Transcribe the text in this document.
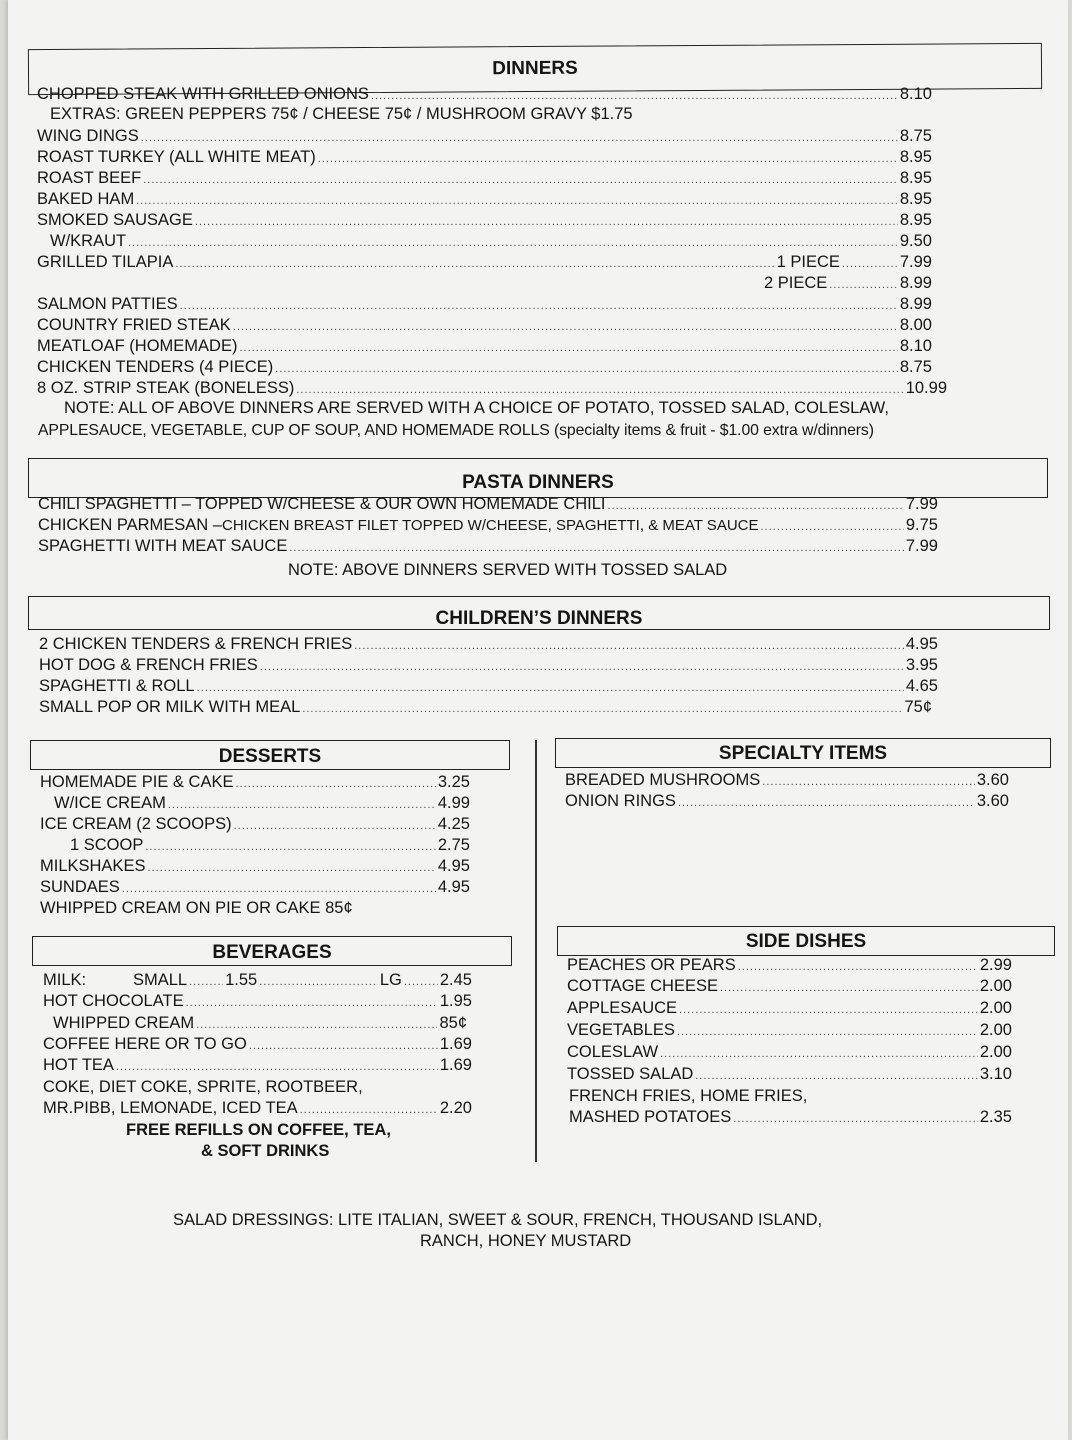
DINNERS
CHOPPED STEAK WITH GRILLED ONIONS .....	8.10
EXTRAS: GREEN PEPPERS 75¢ / CHEESE 75¢ / MUSHROOM GRAVY $1.75
WING DINGS .....	8.75
ROAST TURKEY (ALL WHITE MEAT) .....	8.95
ROAST BEEF .....	8.95
BAKED HAM .....	8.95
SMOKED SAUSAGE .....	8.95
W/KRAUT .....	9.50
GRILLED TILAPIA .....	1 PIECE .....	7.99
2 PIECE .....	8.99
SALMON PATTIES .....	8.99
COUNTRY FRIED STEAK .....	8.00
MEATLOAF (HOMEMADE) .....	8.10
CHICKEN TENDERS (4 PIECE) .....	8.75
8 OZ. STRIP STEAK (BONELESS) .....	10.99
NOTE: ALL OF ABOVE DINNERS ARE SERVED WITH A CHOICE OF POTATO, TOSSED SALAD, COLESLAW,
APPLESAUCE, VEGETABLE, CUP OF SOUP, AND HOMEMADE ROLLS (specialty items & fruit - $1.00 extra w/dinners)
PASTA DINNERS
CHILI SPAGHETTI – TOPPED W/CHEESE & OUR OWN HOMEMADE CHILI .....	7.99
CHICKEN PARMESAN – CHICKEN BREAST FILET TOPPED W/CHEESE, SPAGHETTI, & MEAT SAUCE .....	9.75
SPAGHETTI WITH MEAT SAUCE .....	7.99
NOTE: ABOVE DINNERS SERVED WITH TOSSED SALAD
CHILDREN’S DINNERS
2 CHICKEN TENDERS & FRENCH FRIES .....	4.95
HOT DOG & FRENCH FRIES .....	3.95
SPAGHETTI & ROLL .....	4.65
SMALL POP OR MILK WITH MEAL .....	75¢
DESSERTS
HOMEMADE PIE & CAKE .....	3.25
W/ICE CREAM .....	4.99
ICE CREAM (2 SCOOPS) .....	4.25
1 SCOOP .....	2.75
MILKSHAKES .....	4.95
SUNDAES .....	4.95
WHIPPED CREAM ON PIE OR CAKE 85¢
BEVERAGES
MILK:	SMALL ..... 1.55 .....	LG ..... 2.45
HOT CHOCOLATE .....	1.95
WHIPPED CREAM .....	85¢
COFFEE HERE OR TO GO .....	1.69
HOT TEA .....	1.69
COKE, DIET COKE, SPRITE, ROOTBEER,
MR.PIBB, LEMONADE, ICED TEA .....	2.20
FREE REFILLS ON COFFEE, TEA,
& SOFT DRINKS
SPECIALTY ITEMS
BREADED MUSHROOMS .....	3.60
ONION RINGS .....	3.60
SIDE DISHES
PEACHES OR PEARS .....	2.99
COTTAGE CHEESE .....	2.00
APPLESAUCE .....	2.00
VEGETABLES .....	2.00
COLESLAW .....	2.00
TOSSED SALAD .....	3.10
FRENCH FRIES, HOME FRIES,
MASHED POTATOES .....	2.35
SALAD DRESSINGS: LITE ITALIAN, SWEET & SOUR, FRENCH, THOUSAND ISLAND,
RANCH, HONEY MUSTARD
